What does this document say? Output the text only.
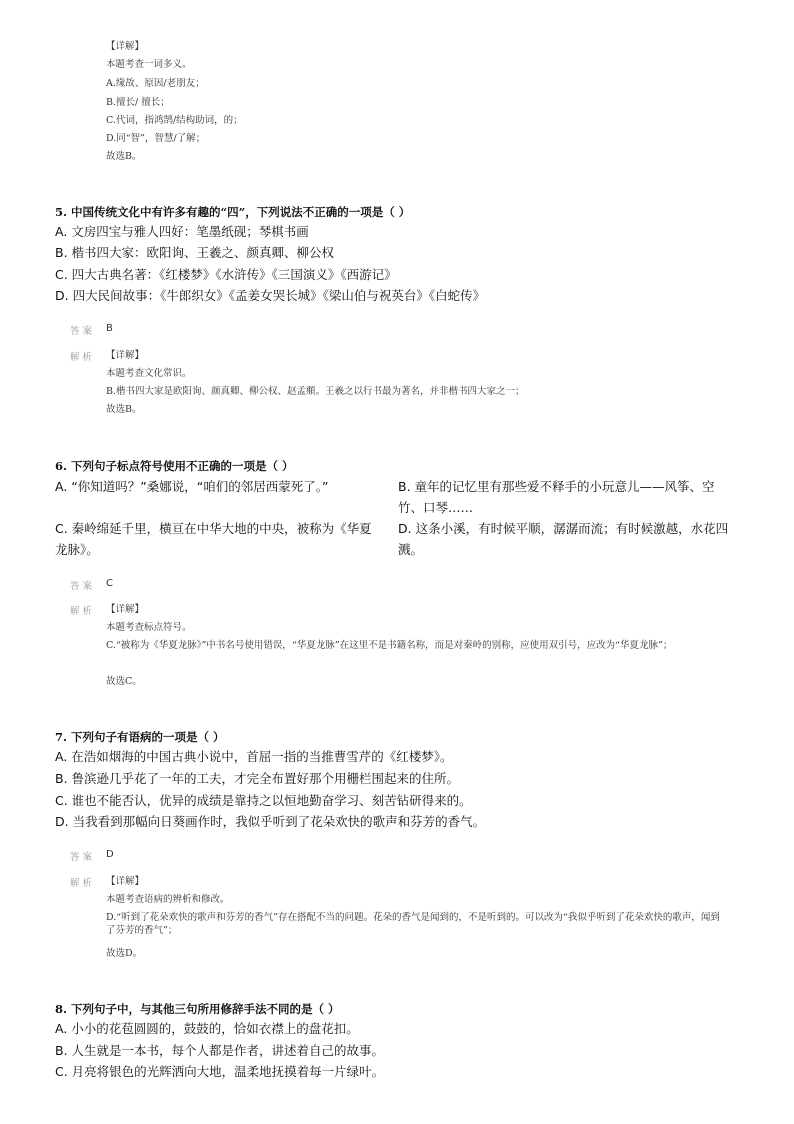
【详解】
本题考查一词多义。
A.缘故、原因/老朋友；
B.擅长/ 擅长；
C.代词，指鸿鹄/结构助词，的；
D.同“智”，智慧/了解；
故选B。
5. 中国传统文化中有许多有趣的“四”，下列说法不正确的一项是（ ）
A. 文房四宝与雅人四好：笔墨纸砚；琴棋书画
B. 楷书四大家：欧阳询、王羲之、颜真卿、柳公权
C. 四大古典名著：《红楼梦》《水浒传》《三国演义》《西游记》
D. 四大民间故事：《牛郎织女》《孟姜女哭长城》《梁山伯与祝英台》《白蛇传》
答案 B
解析 【详解】
本题考查文化常识。
B.楷书四大家是欧阳询、颜真卿、柳公权、赵孟頫。王羲之以行书最为著名，并非楷书四大家之一；
故选B。
6. 下列句子标点符号使用不正确的一项是（ ）
A. “你知道吗？”桑娜说，“咱们的邻居西蒙死了。”	B. 童年的记忆里有那些爱不释手的小玩意儿——风筝、空竹、口琴……
C. 秦岭绵延千里，横亘在中华大地的中央，被称为《华夏龙脉》。
D. 这条小溪，有时候平顺，潺潺而流；有时候激越，水花四溅。
答案 C
解析 【详解】
本题考查标点符号。
C.“被称为《华夏龙脉》”中书名号使用错误，“华夏龙脉”在这里不是书籍名称，而是对秦岭的别称，应使用双引号，应改为“华夏龙脉”；
故选C。
7. 下列句子有语病的一项是（ ）
A. 在浩如烟海的中国古典小说中，首屈一指的当推曹雪芹的《红楼梦》。
B. 鲁滨逊几乎花了一年的工夫，才完全布置好那个用栅栏围起来的住所。
C. 谁也不能否认，优异的成绩是靠持之以恒地勤奋学习、刻苦钻研得来的。
D. 当我看到那幅向日葵画作时，我似乎听到了花朵欢快的歌声和芬芳的香气。
答案 D
解析 【详解】
本题考查语病的辨析和修改。
D.“听到了花朵欢快的歌声和芬芳的香气”存在搭配不当的问题。花朵的香气是闻到的，不是听到的。可以改为“我似乎听到了花朵欢快的歌声，闻到了芬芳的香气”；
故选D。
8. 下列句子中，与其他三句所用修辞手法不同的是（ ）
A. 小小的花苞圆圆的，鼓鼓的，恰如衣襟上的盘花扣。
B. 人生就是一本书，每个人都是作者，讲述着自己的故事。
C. 月亮将银色的光辉洒向大地，温柔地抚摸着每一片绿叶。
